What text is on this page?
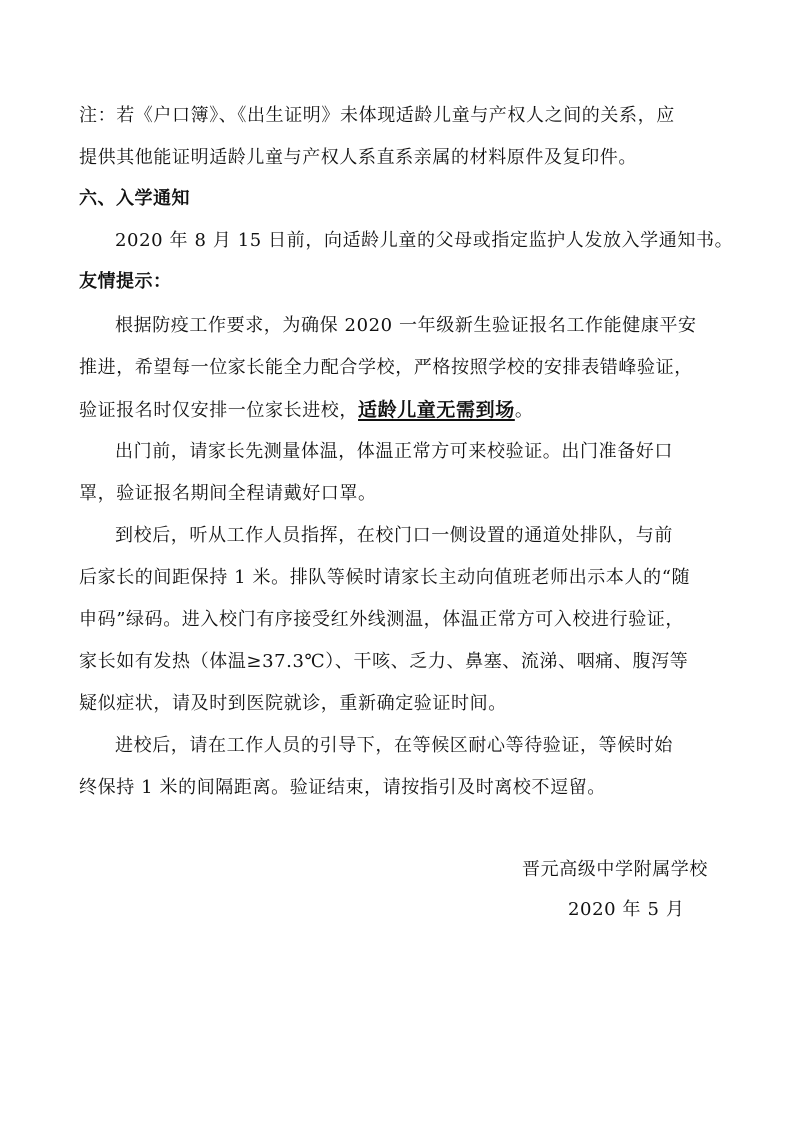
注：若《户口簿》、《出生证明》未体现适龄儿童与产权人之间的关系，应
提供其他能证明适龄儿童与产权人系直系亲属的材料原件及复印件。
六、入学通知
2020 年 8 月 15 日前，向适龄儿童的父母或指定监护人发放入学通知书。
友情提示：
根据防疫工作要求，为确保 2020 一年级新生验证报名工作能健康平安
推进，希望每一位家长能全力配合学校，严格按照学校的安排表错峰验证，
验证报名时仅安排一位家长进校，适龄儿童无需到场。
出门前，请家长先测量体温，体温正常方可来校验证。出门准备好口
罩，验证报名期间全程请戴好口罩。
到校后，听从工作人员指挥，在校门口一侧设置的通道处排队，与前
后家长的间距保持 1 米。排队等候时请家长主动向值班老师出示本人的“随
申码”绿码。进入校门有序接受红外线测温，体温正常方可入校进行验证，
家长如有发热（体温≥37.3℃）、干咳、乏力、鼻塞、流涕、咽痛、腹泻等
疑似症状，请及时到医院就诊，重新确定验证时间。
进校后，请在工作人员的引导下，在等候区耐心等待验证，等候时始
终保持 1 米的间隔距离。验证结束，请按指引及时离校不逗留。
晋元高级中学附属学校
2020 年 5 月
